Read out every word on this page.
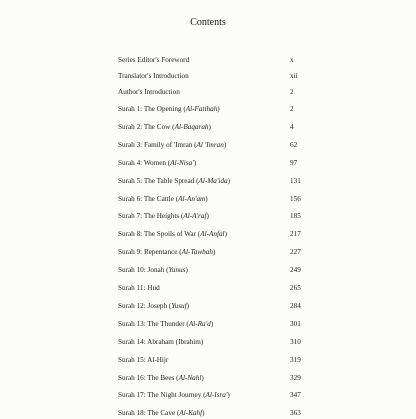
Contents
Series Editor's Foreword	x
Translator's Introduction	xii
Author's Introduction	2
Surah 1: The Opening (Al-Fatihah)	2
Surah 2: The Cow (Al-Baqarah)	4
Surah 3: Family of 'Imran (Al 'Imran)	62
Surah 4: Women (Al-Nisa')	97
Surah 5: The Table Spread (Al-Ma'ida)	131
Surah 6: The Cattle (Al-An'am)	156
Surah 7: The Heights (Al-A'raf)	185
Surah 8: The Spoils of War (Al-Anfal)	217
Surah 9: Repentance (Al-Tawbah)	227
Surah 10: Jonah (Yunus)	249
Surah 11: Hud	265
Surah 12: Joseph (Yusuf)	284
Surah 13: The Thunder (Al-Ra'd)	301
Surah 14: Abraham (Ibrahim)	310
Surah 15: Al-Hijr	319
Surah 16: The Bees (Al-Nahl)	329
Surah 17: The Night Journey (Al-Isra')	347
Surah 18: The Cave (Al-Kahf)	363
